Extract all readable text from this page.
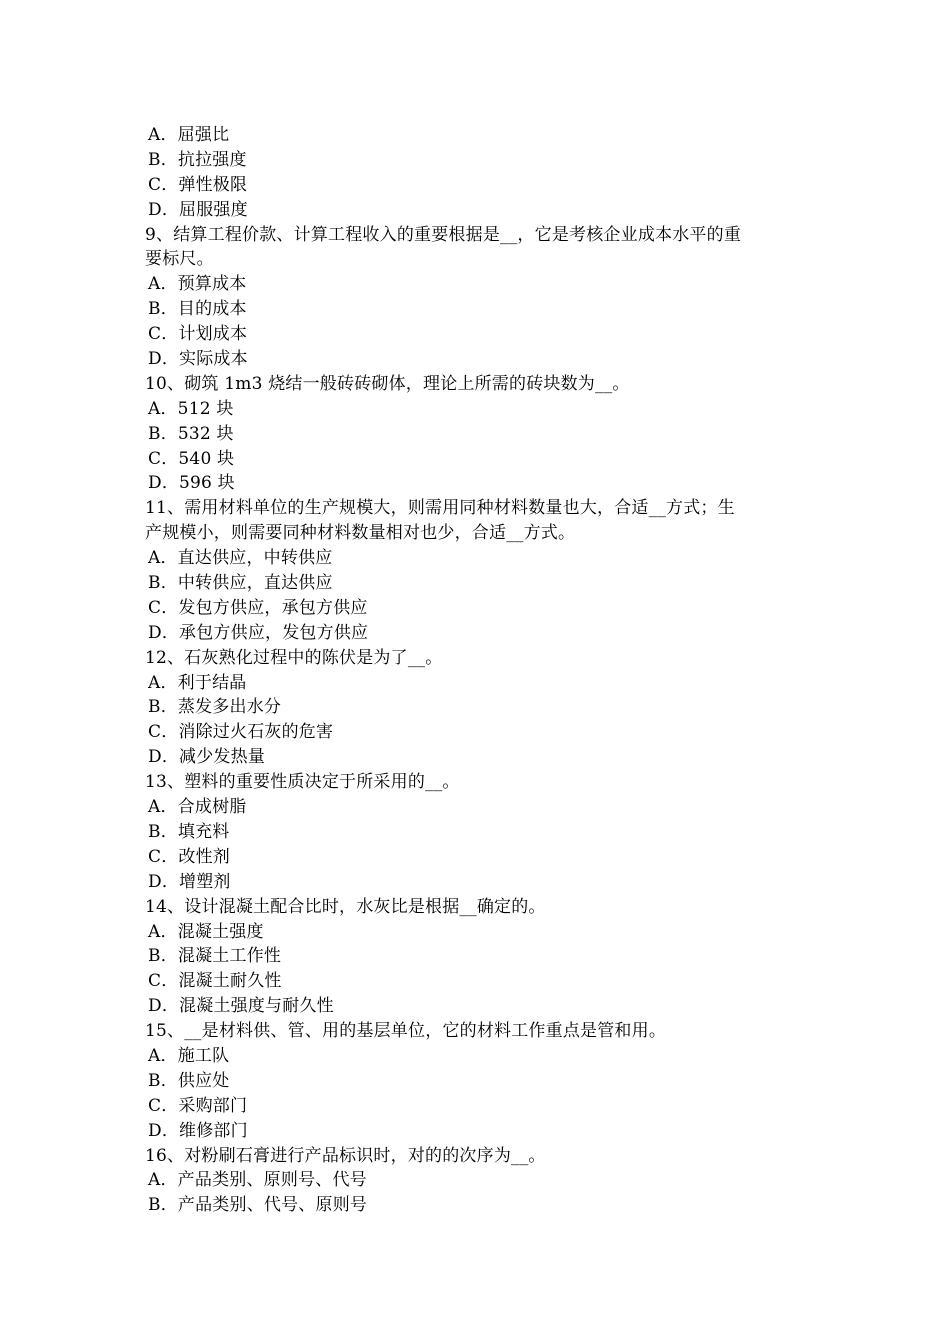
A．屈强比
B．抗拉强度
C．弹性极限
D．屈服强度
9、结算工程价款、计算工程收入的重要根据是__，它是考核企业成本水平的重
要标尺。
A．预算成本
B．目的成本
C．计划成本
D．实际成本
10、砌筑 1m3 烧结一般砖砖砌体，理论上所需的砖块数为__。
A．512 块
B．532 块
C．540 块
D．596 块
11、需用材料单位的生产规模大，则需用同种材料数量也大，合适__方式；生
产规模小，则需要同种材料数量相对也少，合适__方式。
A．直达供应，中转供应
B．中转供应，直达供应
C．发包方供应，承包方供应
D．承包方供应，发包方供应
12、石灰熟化过程中的陈伏是为了__。
A．利于结晶
B．蒸发多出水分
C．消除过火石灰的危害
D．减少发热量
13、塑料的重要性质决定于所采用的__。
A．合成树脂
B．填充料
C．改性剂
D．增塑剂
14、设计混凝土配合比时，水灰比是根据__确定的。
A．混凝土强度
B．混凝土工作性
C．混凝土耐久性
D．混凝土强度与耐久性
15、__是材料供、管、用的基层单位，它的材料工作重点是管和用。
A．施工队
B．供应处
C．采购部门
D．维修部门
16、对粉刷石膏进行产品标识时，对的的次序为__。
A．产品类别、原则号、代号
B．产品类别、代号、原则号
